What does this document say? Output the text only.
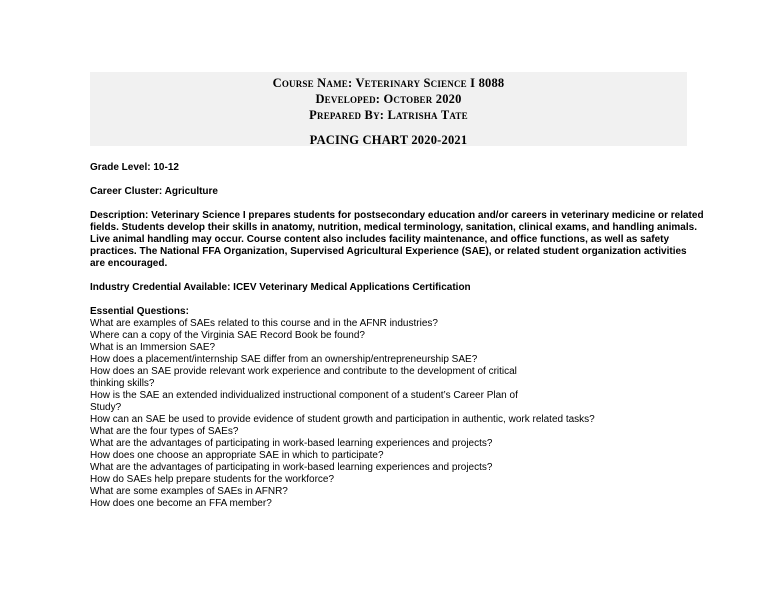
Course Name: Veterinary Science I 8088
Developed: October 2020
Prepared By: Latrisha Tate
PACING CHART 2020-2021

Grade Level: 10-12

Career Cluster: Agriculture

Description: Veterinary Science I prepares students for postsecondary education and/or careers in veterinary medicine or related fields. Students develop their skills in anatomy, nutrition, medical terminology, sanitation, clinical exams, and handling animals. Live animal handling may occur. Course content also includes facility maintenance, and office functions, as well as safety practices. The National FFA Organization, Supervised Agricultural Experience (SAE), or related student organization activities are encouraged.

Industry Credential Available: ICEV Veterinary Medical Applications Certification

Essential Questions:
What are examples of SAEs related to this course and in the AFNR industries?
Where can a copy of the Virginia SAE Record Book be found?
What is an Immersion SAE?
How does a placement/internship SAE differ from an ownership/entrepreneurship SAE?
How does an SAE provide relevant work experience and contribute to the development of critical
thinking skills?
How is the SAE an extended individualized instructional component of a student’s Career Plan of
Study?
How can an SAE be used to provide evidence of student growth and participation in authentic, work related tasks?
What are the four types of SAEs?
What are the advantages of participating in work-based learning experiences and projects?
How does one choose an appropriate SAE in which to participate?
What are the advantages of participating in work-based learning experiences and projects?
How do SAEs help prepare students for the workforce?
What are some examples of SAEs in AFNR?
How does one become an FFA member?
